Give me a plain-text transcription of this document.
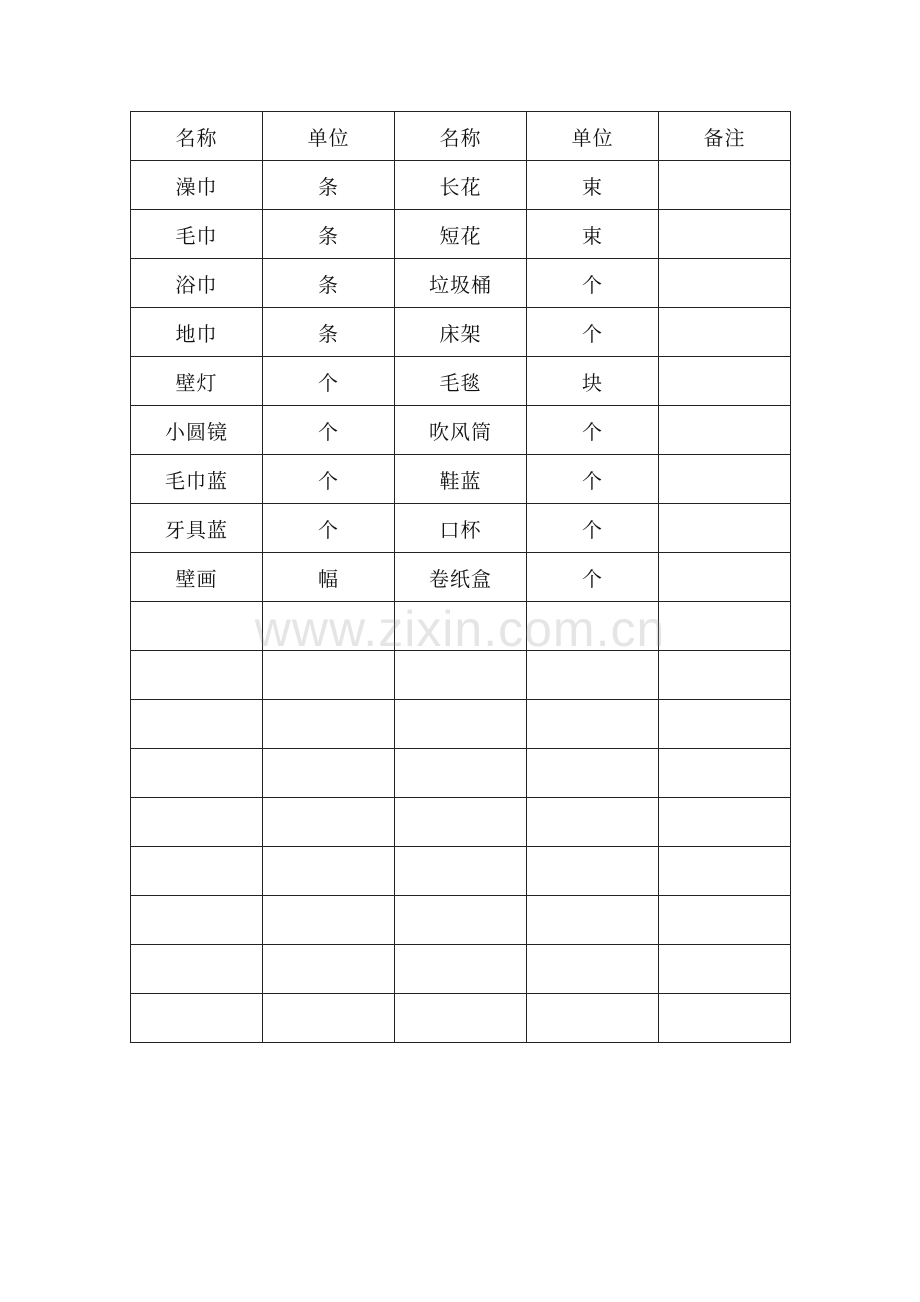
名称	单位	名称	单位	备注
澡巾	条	长花	束	
毛巾	条	短花	束	
浴巾	条	垃圾桶	个	
地巾	条	床架	个	
壁灯	个	毛毯	块	
小圆镜	个	吹风筒	个	
毛巾蓝	个	鞋蓝	个	
牙具蓝	个	口杯	个	
壁画	幅	卷纸盒	个	

www.zixin.com.cn
